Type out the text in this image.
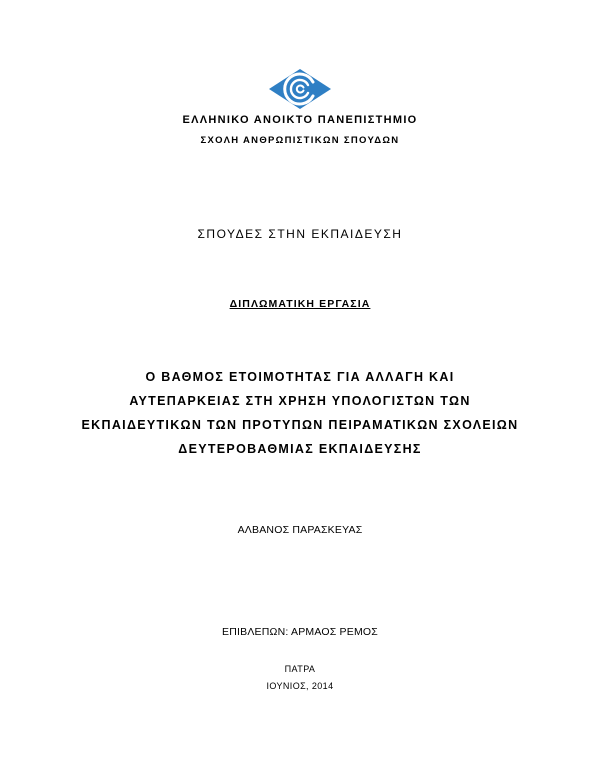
ΕΛΛΗΝΙΚΟ ΑΝΟΙΚΤΟ ΠΑΝΕΠΙΣΤΗΜΙΟ
ΣΧΟΛΗ ΑΝΘΡΩΠΙΣΤΙΚΩΝ ΣΠΟΥΔΩΝ
ΣΠΟΥΔΕΣ ΣΤΗΝ ΕΚΠΑΙΔΕΥΣΗ
ΔΙΠΛΩΜΑΤΙΚΗ ΕΡΓΑΣΙΑ
Ο ΒΑΘΜΟΣ ΕΤΟΙΜΟΤΗΤΑΣ ΓΙΑ ΑΛΛΑΓΗ ΚΑΙ
ΑΥΤΕΠΑΡΚΕΙΑΣ ΣΤΗ ΧΡΗΣΗ ΥΠΟΛΟΓΙΣΤΩΝ ΤΩΝ
ΕΚΠΑΙΔΕΥΤΙΚΩΝ ΤΩΝ ΠΡΟΤΥΠΩΝ ΠΕΙΡΑΜΑΤΙΚΩΝ ΣΧΟΛΕΙΩΝ
ΔΕΥΤΕΡΟΒΑΘΜΙΑΣ ΕΚΠΑΙΔΕΥΣΗΣ
ΑΛΒΑΝΟΣ ΠΑΡΑΣΚΕΥΑΣ
ΕΠΙΒΛΕΠΩΝ: ΑΡΜΑΟΣ ΡΕΜΟΣ
ΠΑΤΡΑ
ΙΟΥΝΙΟΣ, 2014
